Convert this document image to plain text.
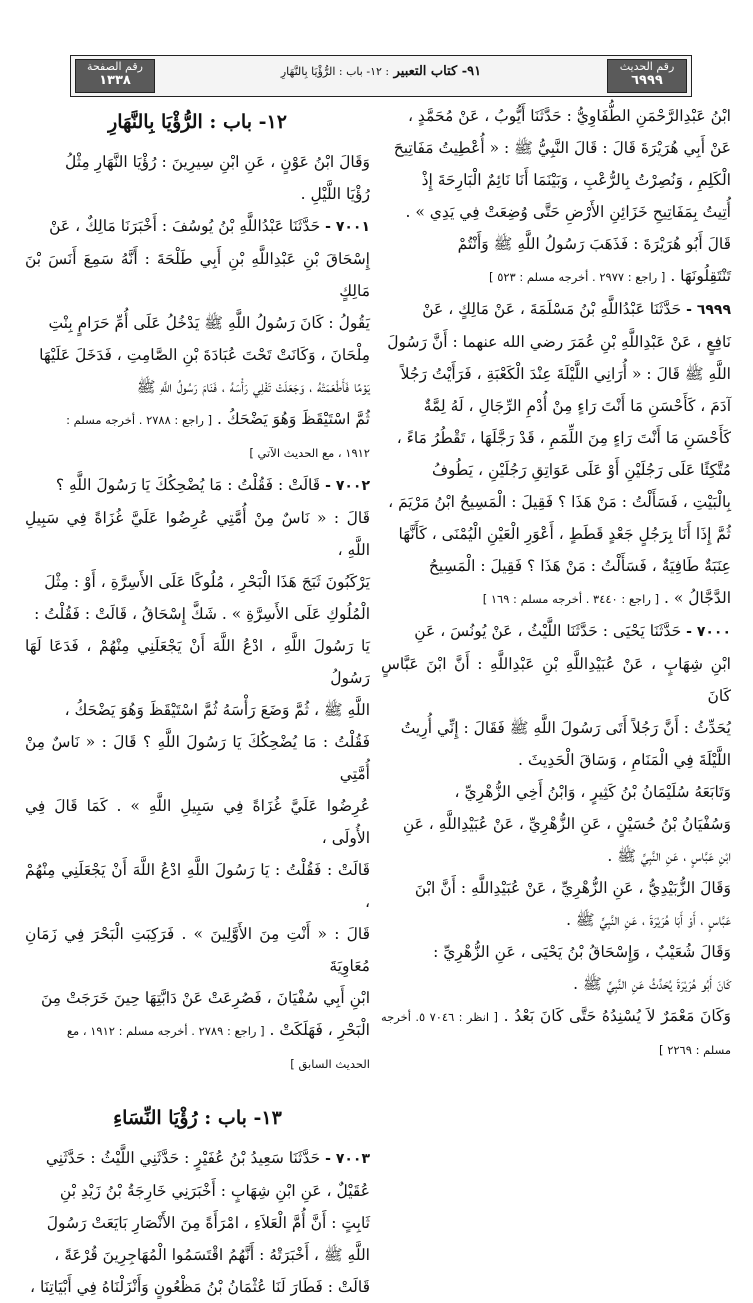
رقم الحديث
٦٩٩٩
٩١- كتاب التعبير : ١٢- باب : الرُّؤْيَا بِالنَّهَارِ
رقم الصفحة
١٣٣٨

ابْنُ عَبْدِالرَّحْمَنِ الطُّفَاوِيُّ : حَدَّثَنَا أَيُّوبُ ، عَنْ مُحَمَّدٍ ،

عَنْ أَبِي هُرَيْرَةَ قَالَ : قَالَ النَّبِيُّ ﷺ : « أُعْطِيتُ مَفَاتِيحَ

الْكَلِمِ ، وَنُصِرْتُ بِالرُّعْبِ ، وَبَيْنَمَا أَنَا نَائِمٌ الْبَارِحَةَ إِذْ

أُتِيتُ بِمَفَاتِيحِ خَزَائِنِ الأَرْضِ حَتَّى وُضِعَتْ فِي يَدِي » .

قَالَ أَبُو هُرَيْرَةَ : فَذَهَبَ رَسُولُ اللَّهِ ﷺ وَأَنْتُمْ

تَنْتَقِلُونَهَا . [ راجع : ٢٩٧٧ . أخرجه مسلم : ٥٢٣ ]

٦٩٩٩ - حَدَّثَنَا عَبْدُاللَّهِ بْنُ مَسْلَمَةَ ، عَنْ مَالِكٍ ، عَنْ

نَافِعٍ ، عَنْ عَبْدِاللَّهِ بْنِ عُمَرَ رضي الله عنهما : أَنَّ رَسُولَ

اللَّهِ ﷺ قَالَ : « أُرَانِي اللَّيْلَةَ عِنْدَ الْكَعْبَةِ ، فَرَأَيْتُ رَجُلاً

آدَمَ ، كَأَحْسَنِ مَا أَنْتَ رَاءٍ مِنْ أُدْمِ الرِّجَالِ ، لَهُ لِمَّةٌ

كَأَحْسَنِ مَا أَنْتَ رَاءٍ مِنَ اللِّمَمِ ، قَدْ رَجَّلَهَا ، تَقْطُرُ مَاءً ،

مُتَّكِئًا عَلَى رَجُلَيْنِ أَوْ عَلَى عَوَاتِقِ رَجُلَيْنِ ، يَطُوفُ

بِالْبَيْتِ ، فَسَأَلْتُ : مَنْ هَذَا ؟ فَقِيلَ : الْمَسِيحُ ابْنُ مَرْيَمَ ،

ثُمَّ إِذَا أَنَا بِرَجُلٍ جَعْدٍ قَطَطٍ ، أَعْوَرِ الْعَيْنِ الْيُمْنَى ، كَأَنَّهَا

عِنَبَةٌ طَافِيَةٌ ، فَسَأَلْتُ : مَنْ هَذَا ؟ فَقِيلَ : الْمَسِيحُ

الدَّجَّالُ » . [ راجع : ٣٤٤٠ . أخرجه مسلم : ١٦٩ ]

٧٠٠٠ - حَدَّثَنَا يَحْيَى : حَدَّثَنَا اللَّيْثُ ، عَنْ يُونُسَ ، عَنِ

ابْنِ شِهَابٍ ، عَنْ عُبَيْدِاللَّهِ بْنِ عَبْدِاللَّهِ : أَنَّ ابْنَ عَبَّاسٍ كَانَ

يُحَدِّثُ : أَنَّ رَجُلاً أَتَى رَسُولَ اللَّهِ ﷺ فَقَالَ : إِنِّي أُرِيتُ

اللَّيْلَةَ فِي الْمَنَامِ ، وَسَاقَ الْحَدِيثَ .

وَتَابَعَهُ سُلَيْمَانُ بْنُ كَثِيرٍ ، وَابْنُ أَخِي الزُّهْرِيِّ ،

وَسُفْيَانُ بْنُ حُسَيْنٍ ، عَنِ الزُّهْرِيِّ ، عَنْ عُبَيْدِاللَّهِ ، عَنِ

ابْنِ عَبَّاسٍ ، عَنِ النَّبِيِّ ﷺ .

وَقَالَ الزُّبَيْدِيُّ ، عَنِ الزُّهْرِيِّ ، عَنْ عُبَيْدِاللَّهِ : أَنَّ ابْنَ

عَبَّاسٍ ، أَوْ أَبَا هُرَيْرَةَ ، عَنِ النَّبِيِّ ﷺ .

وَقَالَ شُعَيْبٌ ، وَإِسْحَاقُ بْنُ يَحْيَى ، عَنِ الزُّهْرِيِّ :

كَانَ أَبُو هُرَيْرَةَ يُحَدِّثُ عَنِ النَّبِيِّ ﷺ .

وَكَانَ مَعْمَرٌ لاَ يُسْنِدُهُ حَتَّى كَانَ بَعْدُ . [ انظر : ٧٠٤٦ ٥. أخرجه مسلم : ٢٢٦٩ ]

١٢- باب : الرُّؤْيَا بِالنَّهَارِ

وَقَالَ ابْنُ عَوْنٍ ، عَنِ ابْنِ سِيرِينَ : رُؤْيَا النَّهَارِ مِثْلُ

رُؤْيَا اللَّيْلِ .

٧٠٠١ - حَدَّثَنَا عَبْدُاللَّهِ بْنُ يُوسُفَ : أَخْبَرَنَا مَالِكٌ ، عَنْ

إِسْحَاقَ بْنِ عَبْدِاللَّهِ بْنِ أَبِي طَلْحَةَ : أَنَّهُ سَمِعَ أَنَسَ بْنَ مَالِكٍ

يَقُولُ : كَانَ رَسُولُ اللَّهِ ﷺ يَدْخُلُ عَلَى أُمِّ حَرَامٍ بِنْتِ

مِلْحَانَ ، وَكَانَتْ تَحْتَ عُبَادَةَ بْنِ الصَّامِتِ ، فَدَخَلَ عَلَيْهَا

يَوْمًا فَأَطْعَمَتْهُ ، وَجَعَلَتْ تَفْلِي رَأْسَهُ ، فَنَامَ رَسُولُ اللَّهِ ﷺ

ثُمَّ اسْتَيْقَظَ وَهُوَ يَضْحَكُ . [ راجع : ٢٧٨٨ . أخرجه مسلم :

١٩١٢ ، مع الحديث الآتي ]

٧٠٠٢ - قَالَتْ : فَقُلْتُ : مَا يُضْحِكُكَ يَا رَسُولَ اللَّهِ ؟

قَالَ : « نَاسٌ مِنْ أُمَّتِي عُرِضُوا عَلَيَّ غُزَاةً فِي سَبِيلِ اللَّهِ ،

يَرْكَبُونَ ثَبَجَ هَذَا الْبَحْرِ ، مُلُوكًا عَلَى الأَسِرَّةِ ، أَوْ : مِثْلَ

الْمُلُوكِ عَلَى الأَسِرَّةِ » . شَكَّ إِسْحَاقُ ، قَالَتْ : فَقُلْتُ :

يَا رَسُولَ اللَّهِ ، ادْعُ اللَّهَ أَنْ يَجْعَلَنِي مِنْهُمْ ، فَدَعَا لَهَا رَسُولُ

اللَّهِ ﷺ ، ثُمَّ وَضَعَ رَأْسَهُ ثُمَّ اسْتَيْقَظَ وَهُوَ يَضْحَكُ ،

فَقُلْتُ : مَا يُضْحِكُكَ يَا رَسُولَ اللَّهِ ؟ قَالَ : « نَاسٌ مِنْ أُمَّتِي

عُرِضُوا عَلَيَّ غُزَاةً فِي سَبِيلِ اللَّهِ » . كَمَا قَالَ فِي الأُولَى ،

قَالَتْ : فَقُلْتُ : يَا رَسُولَ اللَّهِ ادْعُ اللَّهَ أَنْ يَجْعَلَنِي مِنْهُمْ ،

قَالَ : « أَنْتِ مِنَ الأَوَّلِينَ » . فَرَكِبَتِ الْبَحْرَ فِي زَمَانِ مُعَاوِيَةَ

ابْنِ أَبِي سُفْيَانَ ، فَصُرِعَتْ عَنْ دَابَّتِهَا حِينَ خَرَجَتْ مِنَ

الْبَحْرِ ، فَهَلَكَتْ . [ راجع : ٢٧٨٩ . أخرجه مسلم : ١٩١٢ ، مع

الحديث السابق ]

١٣- باب : رُؤْيَا النِّسَاءِ

٧٠٠٣ - حَدَّثَنَا سَعِيدُ بْنُ عُفَيْرٍ : حَدَّثَنِي اللَّيْثُ : حَدَّثَنِي

عُقَيْلٌ ، عَنِ ابْنِ شِهَابٍ : أَخْبَرَنِي خَارِجَةُ بْنُ زَيْدِ بْنِ

ثَابِتٍ : أَنَّ أُمَّ الْعَلاَءِ ، امْرَأَةً مِنَ الأَنْصَارِ بَايَعَتْ رَسُولَ

اللَّهِ ﷺ ، أَخْبَرَتْهُ : أَنَّهُمُ اقْتَسَمُوا الْمُهَاجِرِينَ قُرْعَةً ،

قَالَتْ : فَطَارَ لَنَا عُثْمَانُ بْنُ مَظْعُونٍ وَأَنْزَلْنَاهُ فِي أَبْيَاتِنَا ،
